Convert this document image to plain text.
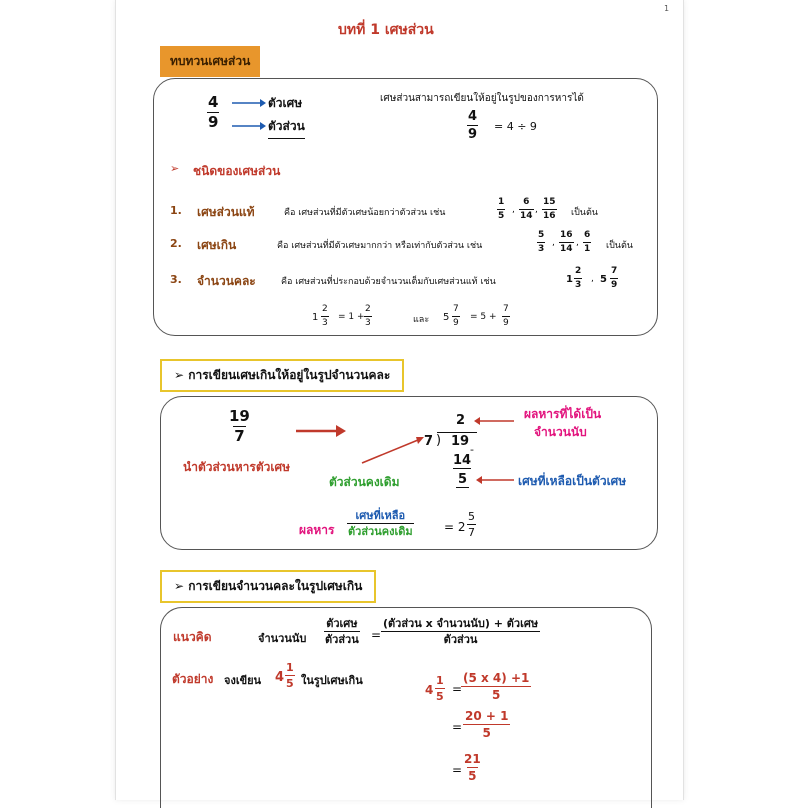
1
บทที่ 1 เศษส่วน
ทบทวนเศษส่วน
$\frac{4}{9}$	ตัวเศษ
ตัวส่วน
เศษส่วนสามารถเขียนให้อยู่ในรูปของการหารได้
$\frac{4}{9} = 4 \div 9$
➢ ชนิดของเศษส่วน
1. เศษส่วนแท้	คือ เศษส่วนที่มีตัวเศษน้อยกว่าตัวส่วน เช่น	$\frac{1}{5}$ , $\frac{6}{14}$ , $\frac{15}{16}$ เป็นต้น
2. เศษเกิน	คือ เศษส่วนที่มีตัวเศษมากกว่า หรือเท่ากับตัวส่วน เช่น	$\frac{5}{3}$ , $\frac{16}{14}$ , $\frac{6}{1}$ เป็นต้น
3. จำนวนคละ	คือ เศษส่วนที่ประกอบด้วยจำนวนเต็มกับเศษส่วนแท้ เช่น	$1 \frac{2}{3}$ , $5 \frac{7}{9}$
$1 \frac{2}{3} = 1 + \frac{2}{3}$	และ $5 \frac{7}{9} = 5 + \frac{7}{9}$
➢ การเขียนเศษเกินให้อยู่ในรูปจำนวนคละ
$\frac{19}{7}$
นำตัวส่วนหารตัวเศษ
2
7 ) 19
-
14
5
ผลหารที่ได้เป็น
จำนวนนับ
ตัวส่วนคงเดิม	เศษที่เหลือเป็นตัวเศษ
ผลหาร
เศษที่เหลือ
ตัวส่วนคงเดิม	= $2 \frac{5}{7}$
➢ การเขียนจำนวนคละในรูปเศษเกิน
แนวคิด	จำนวนนับ
ตัวเศษ
ตัวส่วน =
(ตัวส่วน x จำนวนนับ) + ตัวเศษ
ตัวส่วน
ตัวอย่าง จงเขียน $4 \frac{1}{5}$ ในรูปเศษเกิน
$4 \frac{1}{5} = \frac{(5 x 4) +1}{5}$
= $\frac{20 + 1}{5}$
= $\frac{21}{5}$
